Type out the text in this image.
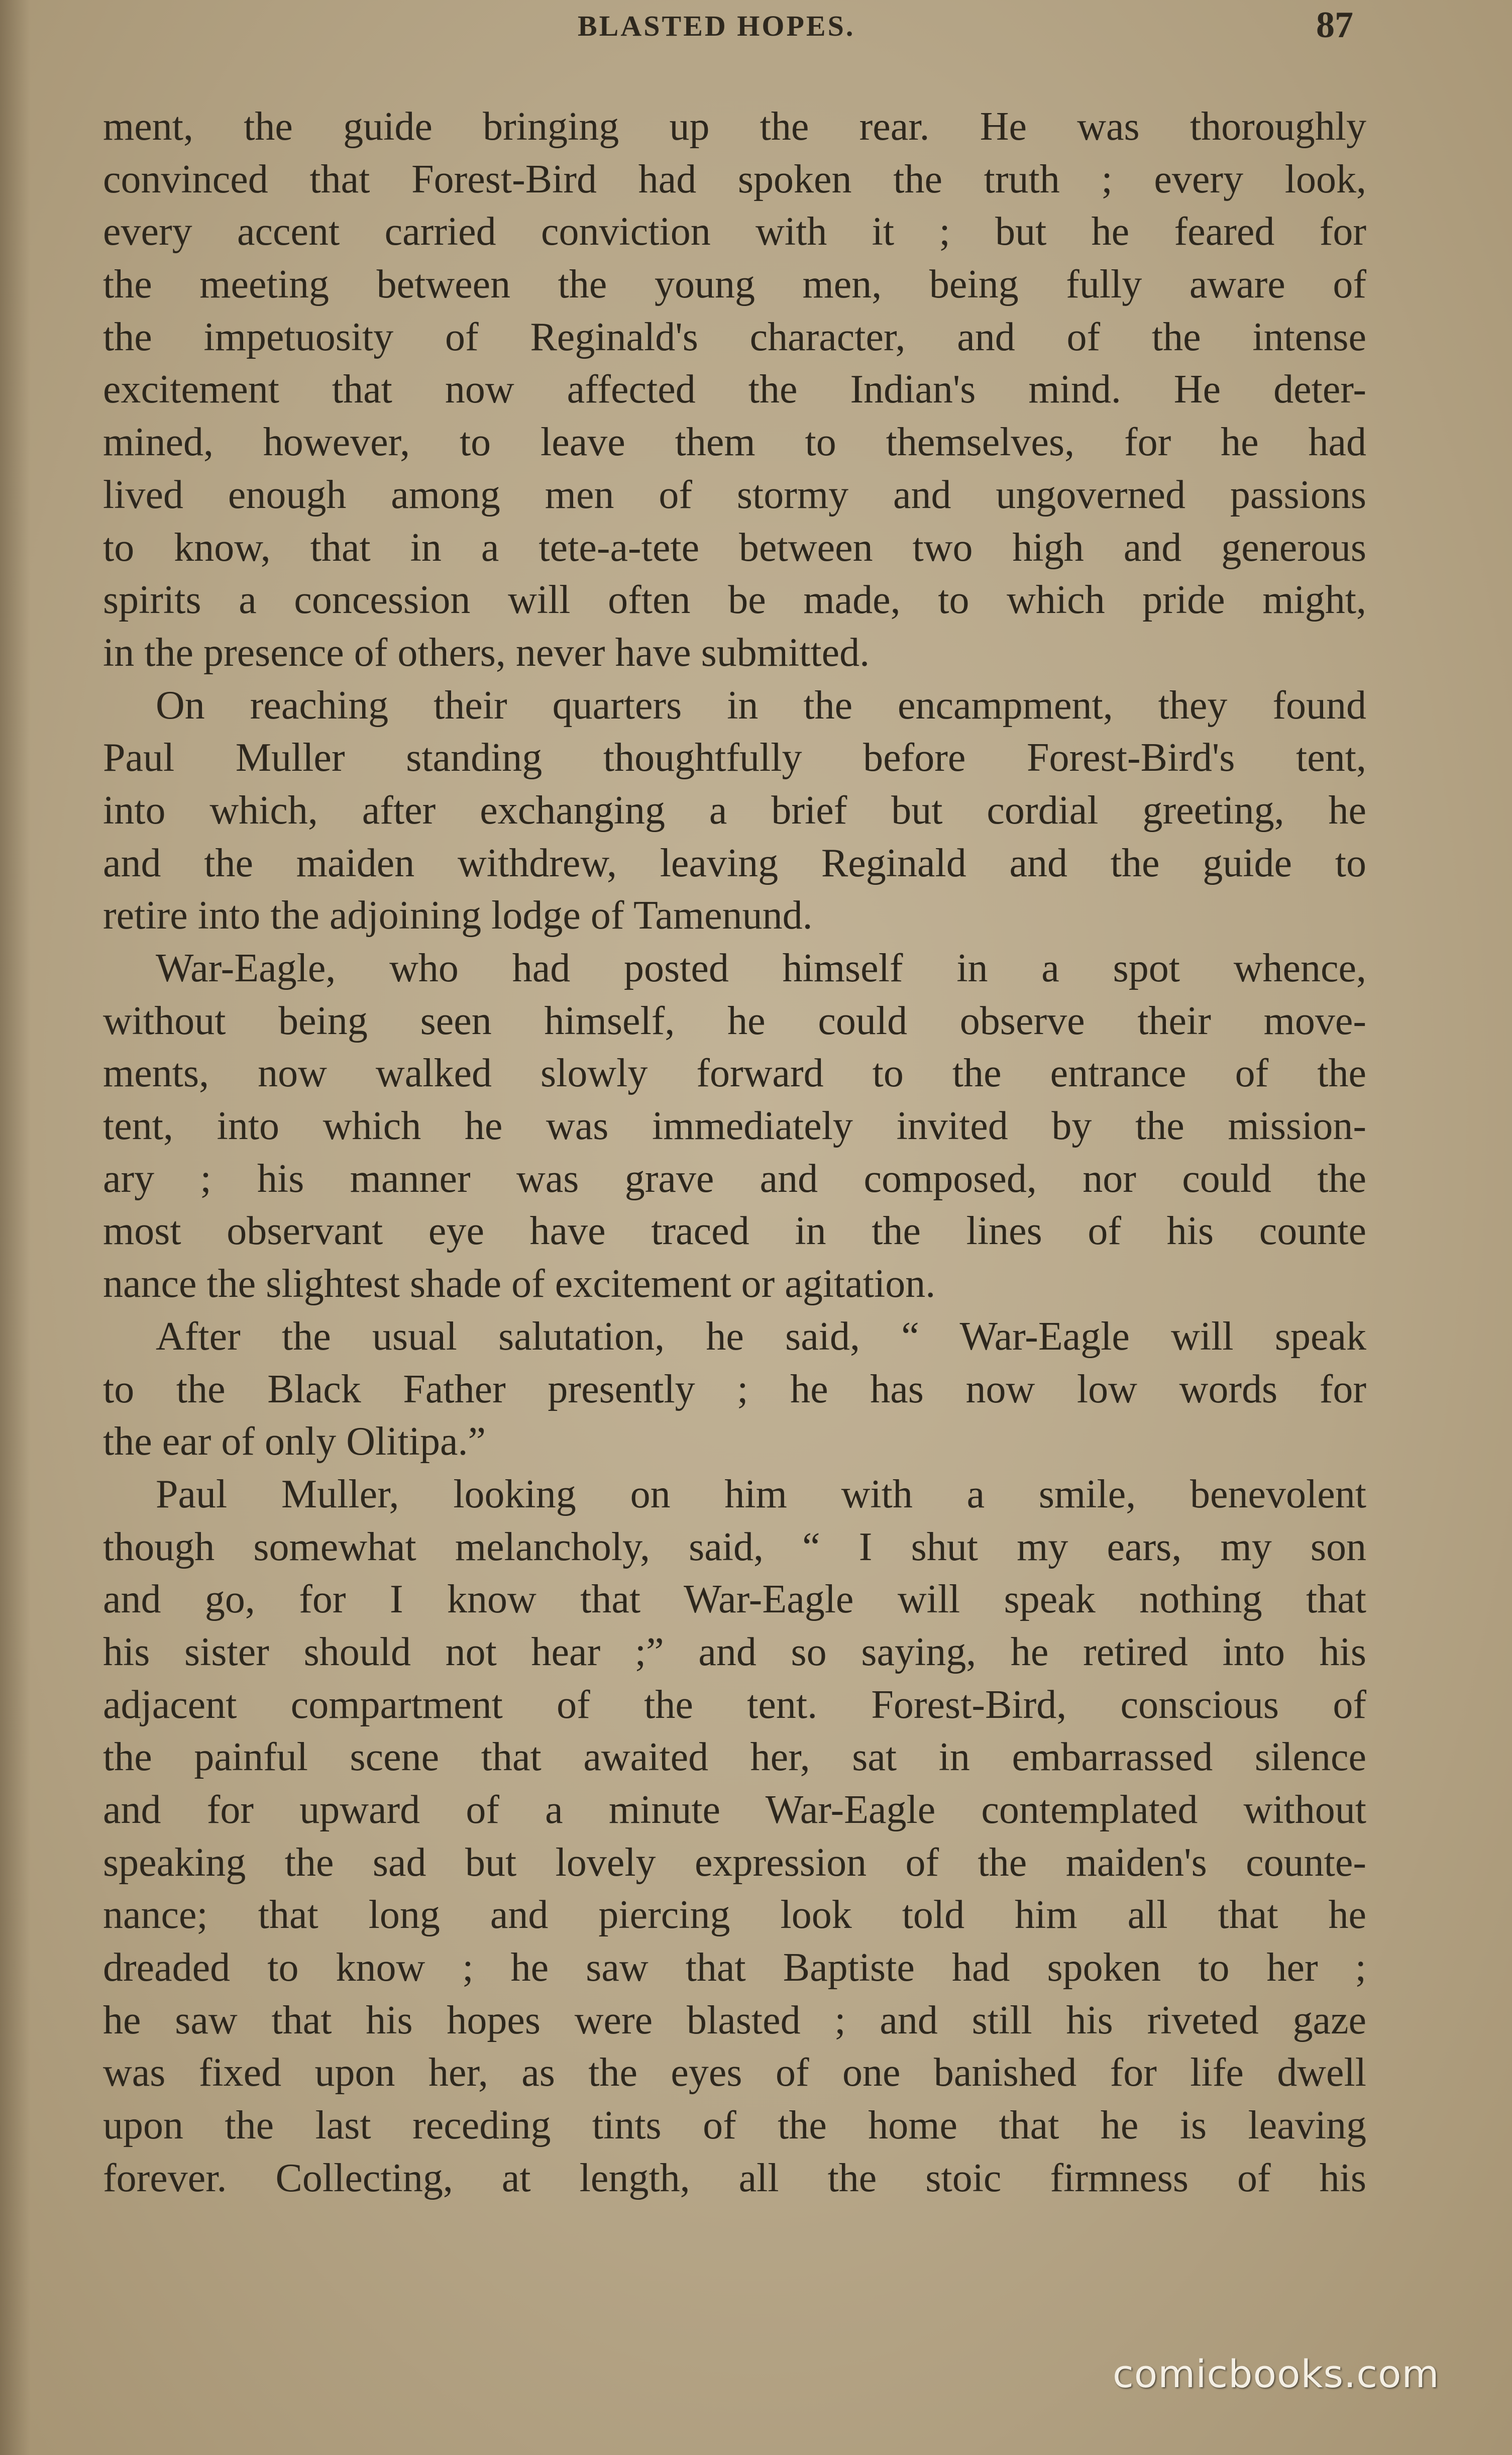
BLASTED HOPES.	87
ment, the guide bringing up the rear. He was thoroughly
convinced that Forest-Bird had spoken the truth ; every look,
every accent carried conviction with it ; but he feared for
the meeting between the young men, being fully aware of
the impetuosity of Reginald's character, and of the intense
excitement that now affected the Indian's mind. He deter-
mined, however, to leave them to themselves, for he had
lived enough among men of stormy and ungoverned passions
to know, that in a tete-a-tete between two high and generous
spirits a concession will often be made, to which pride might,
in the presence of others, never have submitted.
On reaching their quarters in the encampment, they found
Paul Muller standing thoughtfully before Forest-Bird's tent,
into which, after exchanging a brief but cordial greeting, he
and the maiden withdrew, leaving Reginald and the guide to
retire into the adjoining lodge of Tamenund.
War-Eagle, who had posted himself in a spot whence,
without being seen himself, he could observe their move-
ments, now walked slowly forward to the entrance of the
tent, into which he was immediately invited by the mission-
ary ; his manner was grave and composed, nor could the
most observant eye have traced in the lines of his counte
nance the slightest shade of excitement or agitation.
After the usual salutation, he said, “ War-Eagle will speak
to the Black Father presently ; he has now low words for
the ear of only Olitipa.”
Paul Muller, looking on him with a smile, benevolent
though somewhat melancholy, said, “ I shut my ears, my son
and go, for I know that War-Eagle will speak nothing that
his sister should not hear ;” and so saying, he retired into his
adjacent compartment of the tent. Forest-Bird, conscious of
the painful scene that awaited her, sat in embarrassed silence
and for upward of a minute War-Eagle contemplated without
speaking the sad but lovely expression of the maiden's counte-
nance; that long and piercing look told him all that he
dreaded to know ; he saw that Baptiste had spoken to her ;
he saw that his hopes were blasted ; and still his riveted gaze
was fixed upon her, as the eyes of one banished for life dwell
upon the last receding tints of the home that he is leaving
forever. Collecting, at length, all the stoic firmness of his
comicbooks.com
